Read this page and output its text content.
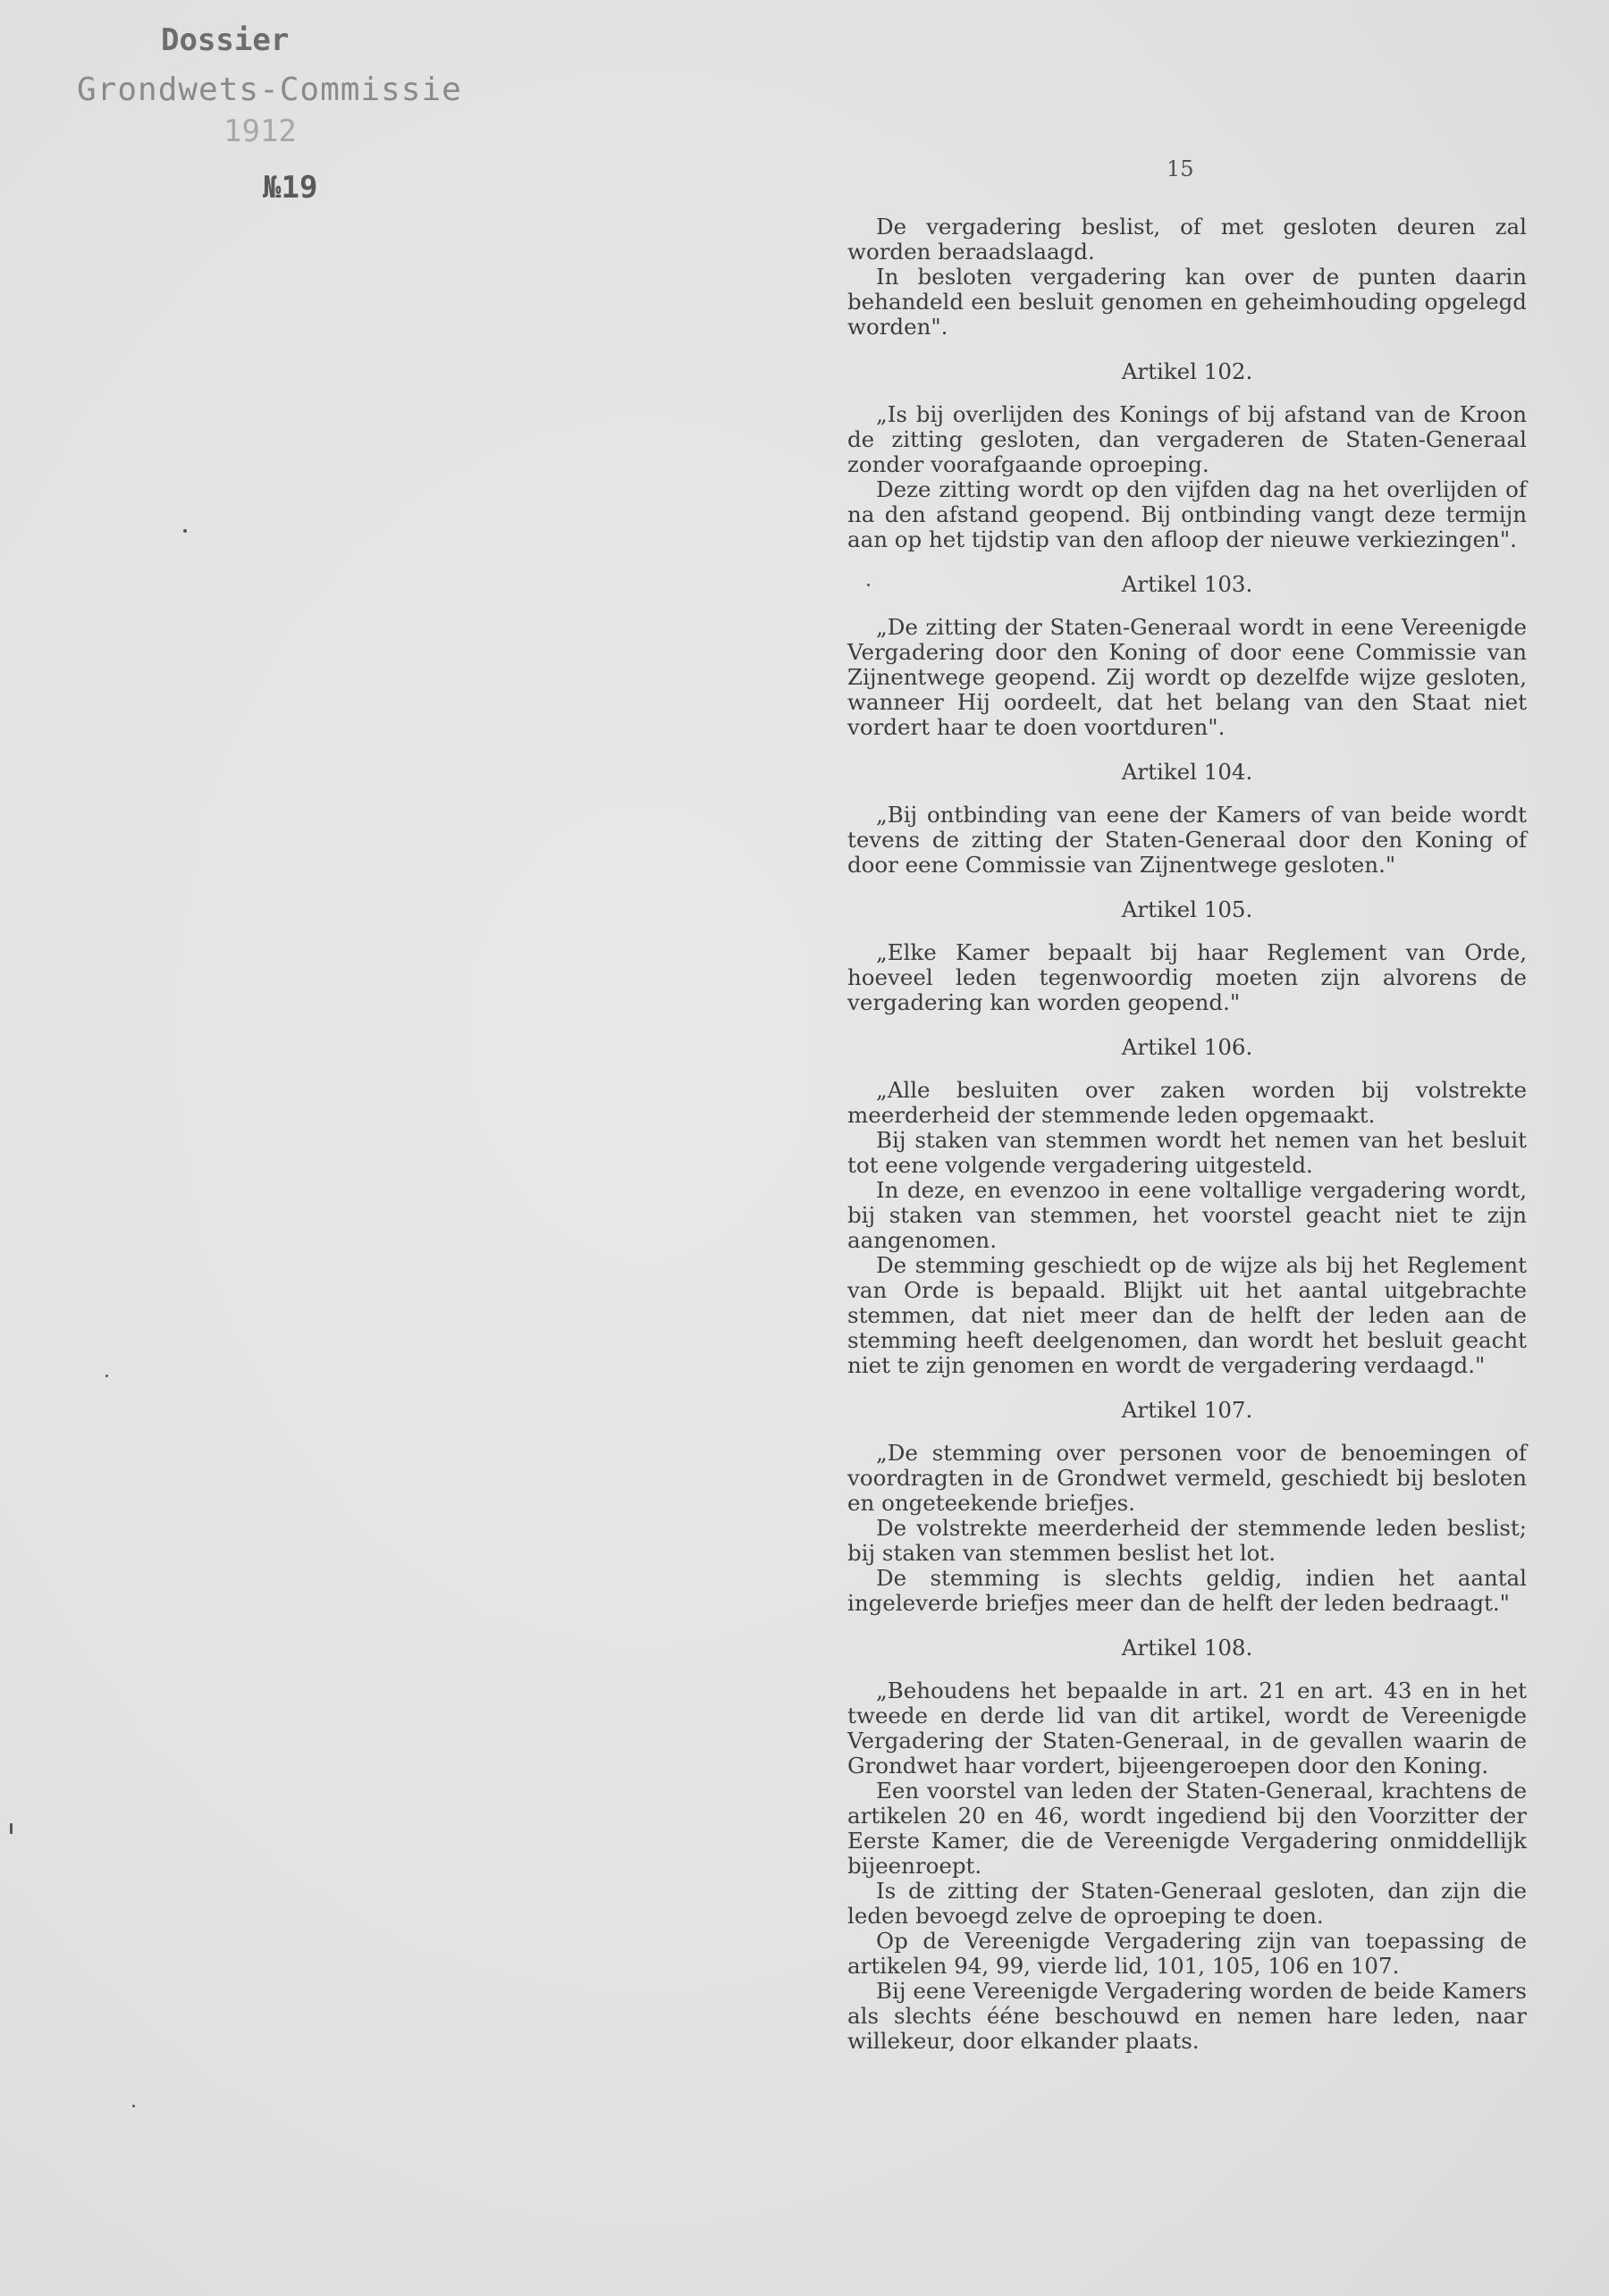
Dossier
Grondwets-Commissie
1912
№19
15

De vergadering beslist, of met gesloten deuren zal worden beraadslaagd.

In besloten vergadering kan over de punten daarin behandeld een besluit genomen en geheimhouding opgelegd worden".

Artikel 102.

„Is bij overlijden des Konings of bij afstand van de Kroon de zitting gesloten, dan vergaderen de Staten-Generaal zonder voorafgaande oproeping.

Deze zitting wordt op den vijfden dag na het overlijden of na den afstand geopend. Bij ontbinding vangt deze termijn aan op het tijdstip van den afloop der nieuwe verkiezingen".

Artikel 103.

„De zitting der Staten-Generaal wordt in eene Vereenigde Vergadering door den Koning of door eene Commissie van Zijnentwege geopend. Zij wordt op dezelfde wijze gesloten, wanneer Hij oordeelt, dat het belang van den Staat niet vordert haar te doen voortduren".

Artikel 104.

„Bij ontbinding van eene der Kamers of van beide wordt tevens de zitting der Staten-Generaal door den Koning of door eene Commissie van Zijnentwege gesloten."

Artikel 105.

„Elke Kamer bepaalt bij haar Reglement van Orde, hoeveel leden tegenwoordig moeten zijn alvorens de vergadering kan worden geopend."

Artikel 106.

„Alle besluiten over zaken worden bij volstrekte meerderheid der stemmende leden opgemaakt.

Bij staken van stemmen wordt het nemen van het besluit tot eene volgende vergadering uitgesteld.

In deze, en evenzoo in eene voltallige vergadering wordt, bij staken van stemmen, het voorstel geacht niet te zijn aangenomen.

De stemming geschiedt op de wijze als bij het Reglement van Orde is bepaald. Blijkt uit het aantal uitgebrachte stemmen, dat niet meer dan de helft der leden aan de stemming heeft deelgenomen, dan wordt het besluit geacht niet te zijn genomen en wordt de vergadering verdaagd."

Artikel 107.

„De stemming over personen voor de benoemingen of voordragten in de Grondwet vermeld, geschiedt bij besloten en ongeteekende briefjes.

De volstrekte meerderheid der stemmende leden beslist; bij staken van stemmen beslist het lot.

De stemming is slechts geldig, indien het aantal ingeleverde briefjes meer dan de helft der leden bedraagt."

Artikel 108.

„Behoudens het bepaalde in art. 21 en art. 43 en in het tweede en derde lid van dit artikel, wordt de Vereenigde Vergadering der Staten-Generaal, in de gevallen waarin de Grondwet haar vordert, bijeengeroepen door den Koning.

Een voorstel van leden der Staten-Generaal, krachtens de artikelen 20 en 46, wordt ingediend bij den Voorzitter der Eerste Kamer, die de Vereenigde Vergadering onmiddellijk bijeenroept.

Is de zitting der Staten-Generaal gesloten, dan zijn die leden bevoegd zelve de oproeping te doen.

Op de Vereenigde Vergadering zijn van toepassing de artikelen 94, 99, vierde lid, 101, 105, 106 en 107.

Bij eene Vereenigde Vergadering worden de beide Kamers als slechts ééne beschouwd en nemen hare leden, naar willekeur, door elkander plaats.
